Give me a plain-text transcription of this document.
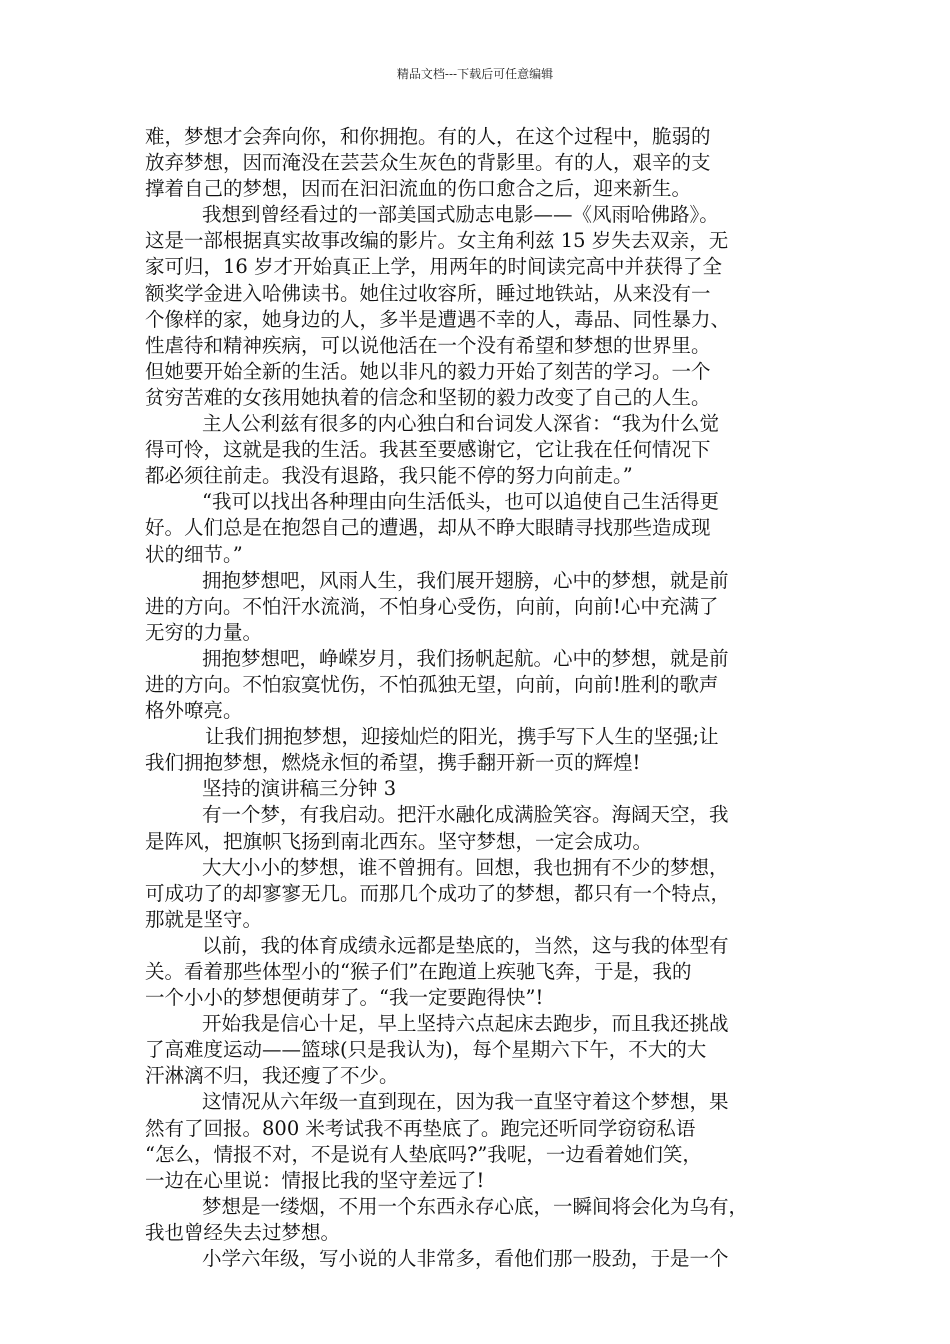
精品文档---下载后可任意编辑
难，梦想才会奔向你，和你拥抱。有的人，在这个过程中，脆弱的
放弃梦想，因而淹没在芸芸众生灰色的背影里。有的人，艰辛的支
撑着自己的梦想，因而在汩汩流血的伤口愈合之后，迎来新生。
我想到曾经看过的一部美国式励志电影——《风雨哈佛路》。
这是一部根据真实故事改编的影片。女主角利兹 15 岁失去双亲，无
家可归，16 岁才开始真正上学，用两年的时间读完高中并获得了全
额奖学金进入哈佛读书。她住过收容所，睡过地铁站，从来没有一
个像样的家，她身边的人，多半是遭遇不幸的人，毒品、同性暴力、
性虐待和精神疾病，可以说他活在一个没有希望和梦想的世界里。
但她要开始全新的生活。她以非凡的毅力开始了刻苦的学习。一个
贫穷苦难的女孩用她执着的信念和坚韧的毅力改变了自己的人生。
主人公利兹有很多的内心独白和台词发人深省：“我为什么觉
得可怜，这就是我的生活。我甚至要感谢它，它让我在任何情况下
都必须往前走。我没有退路，我只能不停的努力向前走。”
“我可以找出各种理由向生活低头，也可以追使自己生活得更
好。人们总是在抱怨自己的遭遇，却从不睁大眼睛寻找那些造成现
状的细节。”
拥抱梦想吧，风雨人生，我们展开翅膀，心中的梦想，就是前
进的方向。不怕汗水流淌，不怕身心受伤，向前，向前!心中充满了
无穷的力量。
拥抱梦想吧，峥嵘岁月，我们扬帆起航。心中的梦想，就是前
进的方向。不怕寂寞忧伤，不怕孤独无望，向前，向前!胜利的歌声
格外嘹亮。
让我们拥抱梦想，迎接灿烂的阳光，携手写下人生的坚强;让
我们拥抱梦想，燃烧永恒的希望，携手翻开新一页的辉煌!
坚持的演讲稿三分钟 3
有一个梦，有我启动。把汗水融化成满脸笑容。海阔天空，我
是阵风，把旗帜飞扬到南北西东。坚守梦想，一定会成功。
大大小小的梦想，谁不曾拥有。回想，我也拥有不少的梦想，
可成功了的却寥寥无几。而那几个成功了的梦想，都只有一个特点，
那就是坚守。
以前，我的体育成绩永远都是垫底的，当然，这与我的体型有
关。看着那些体型小的“猴子们”在跑道上疾驰飞奔，于是，我的
一个小小的梦想便萌芽了。“我一定要跑得快”!
开始我是信心十足，早上坚持六点起床去跑步，而且我还挑战
了高难度运动——篮球(只是我认为)，每个星期六下午，不大的大
汗淋漓不归，我还瘦了不少。
这情况从六年级一直到现在，因为我一直坚守着这个梦想，果
然有了回报。800 米考试我不再垫底了。跑完还听同学窃窃私语
“怎么，情报不对，不是说有人垫底吗?”我呢，一边看着她们笑，
一边在心里说：情报比我的坚守差远了!
梦想是一缕烟，不用一个东西永存心底，一瞬间将会化为乌有，
我也曾经失去过梦想。
小学六年级，写小说的人非常多，看他们那一股劲，于是一个
